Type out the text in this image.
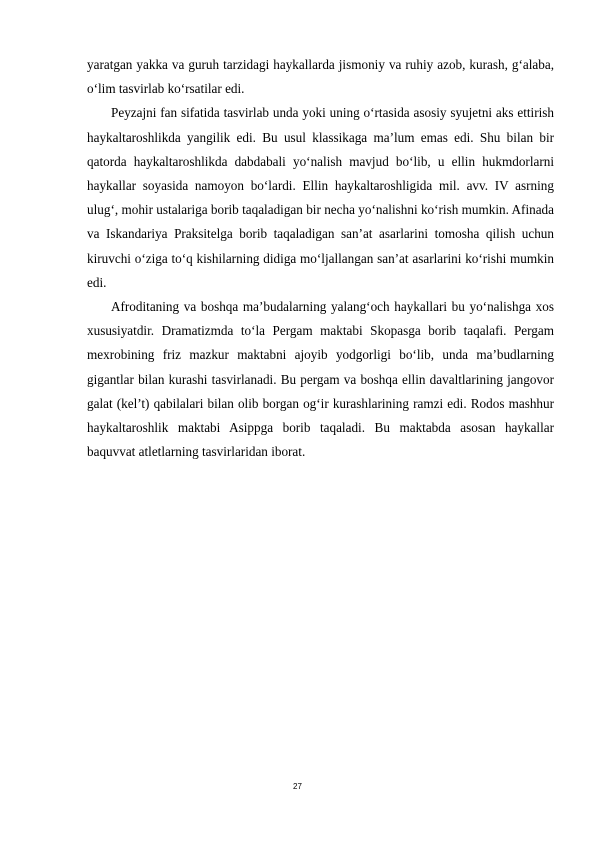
yaratgan yakka va guruh tarzidagi haykallarda jismoniy va ruhiy azob, kurash, g‘alaba, o‘lim tasvirlab ko‘rsatilar edi.

Peyzajni fan sifatida tasvirlab unda yoki uning o‘rtasida asosiy syujetni aks ettirish haykaltaroshlikda yangilik edi. Bu usul klassikaga ma’lum emas edi. Shu bilan bir qatorda haykaltaroshlikda dabdabali yo‘nalish mavjud bo‘lib, u ellin hukmdorlarni haykallar soyasida namoyon bo‘lardi. Ellin haykaltaroshligida mil. avv. IV asrning ulug‘, mohir ustalariga borib taqaladigan bir necha yo‘nalishni ko‘rish mumkin. Afinada va Iskandariya Praksitelga borib taqaladigan san’at asarlarini tomosha qilish uchun kiruvchi o‘ziga to‘q kishilarning didiga mo‘ljallangan san’at asarlarini ko‘rishi mumkin edi.

Afroditaning va boshqa ma’budalarning yalang‘och haykallari bu yo‘nalishga xos xususiyatdir. Dramatizmda to‘la Pergam maktabi Skopasga borib taqalafi. Pergam mexrobining friz mazkur maktabni ajoyib yodgorligi bo‘lib, unda ma’budlarning gigantlar bilan kurashi tasvirlanadi. Bu pergam va boshqa ellin davaltlarining jangovor galat (kel’t) qabilalari bilan olib borgan og‘ir kurashlarining ramzi edi. Rodos mashhur haykaltaroshlik maktabi Asippga borib taqaladi. Bu maktabda asosan haykallar baquvvat atletlarning tasvirlaridan iborat.

27
